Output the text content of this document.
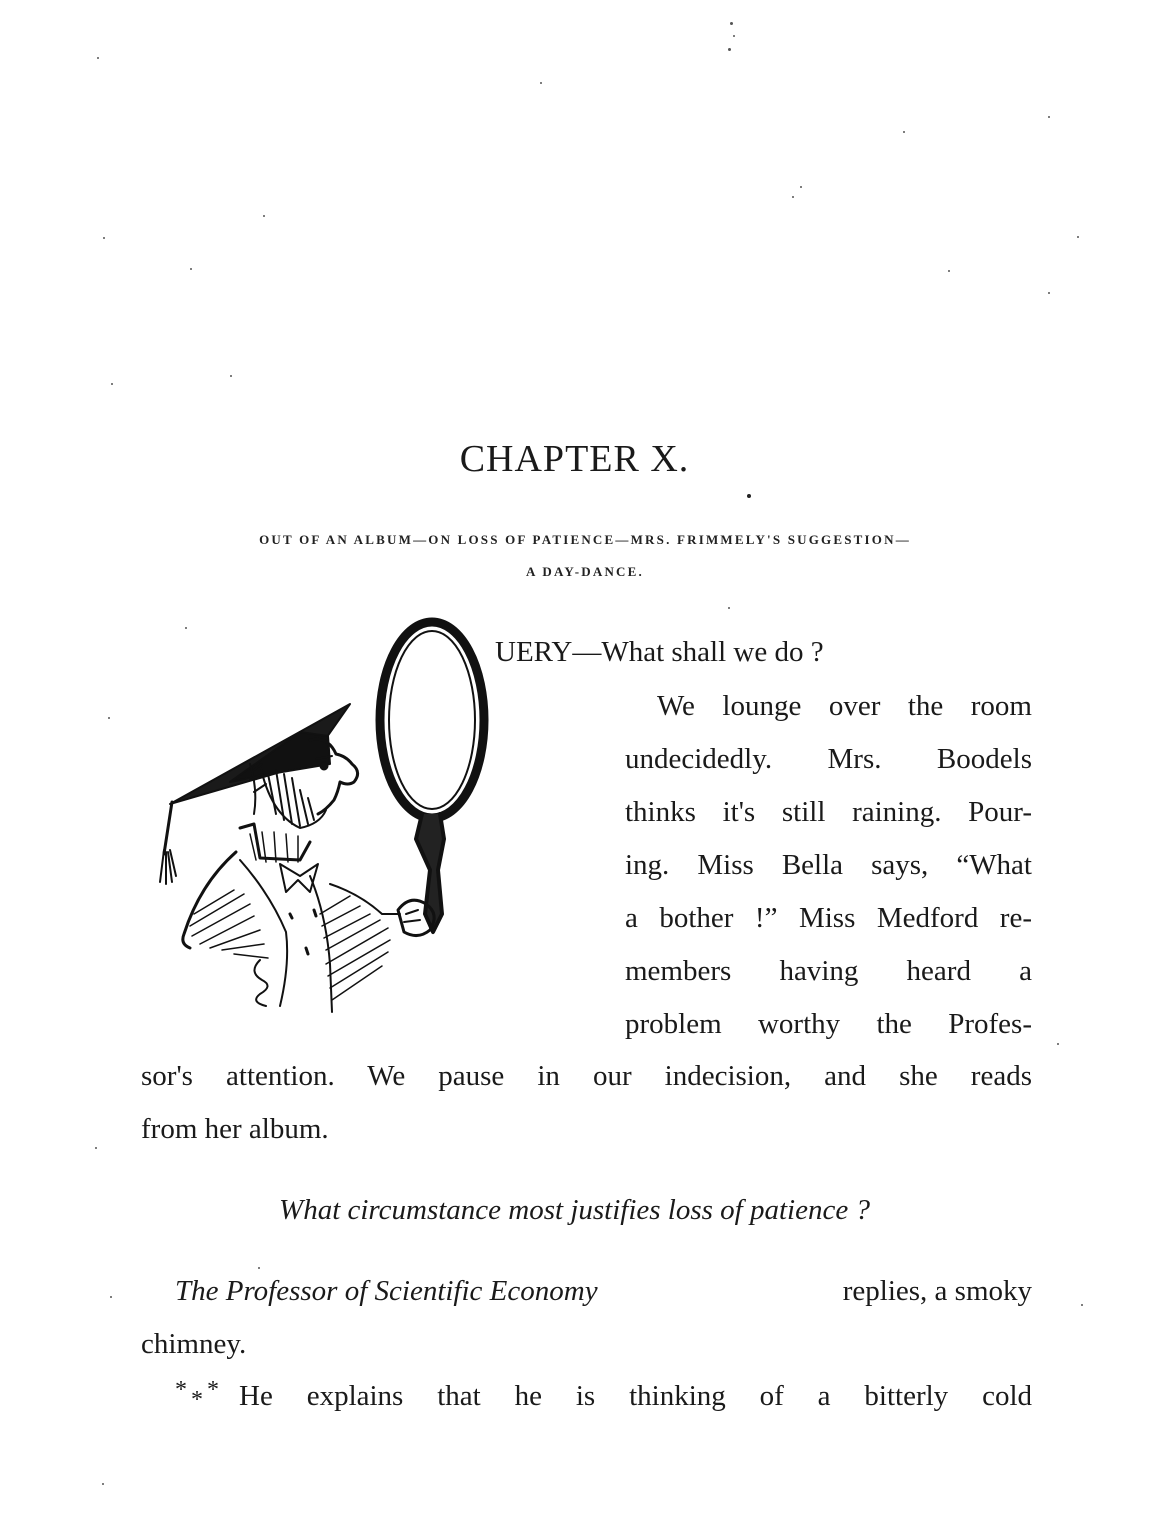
CHAPTER X.
OUT OF AN ALBUM—ON LOSS OF PATIENCE—MRS. FRIMMELY'S SUGGESTION—
A DAY-DANCE.

UERY—What shall we do ?

We lounge over the room

undecidedly. Mrs. Boodels

thinks it's still raining. Pour-

ing. Miss Bella says, “What

a bother !” Miss Medford re-

members having heard a

problem worthy the Profes-

sor's attention. We pause in our indecision, and she reads

from her album.

What circumstance most justifies loss of patience ?

The Professor of Scientific Economy	replies, a smoky

chimney.

* * * He explains that he is thinking of a bitterly cold
